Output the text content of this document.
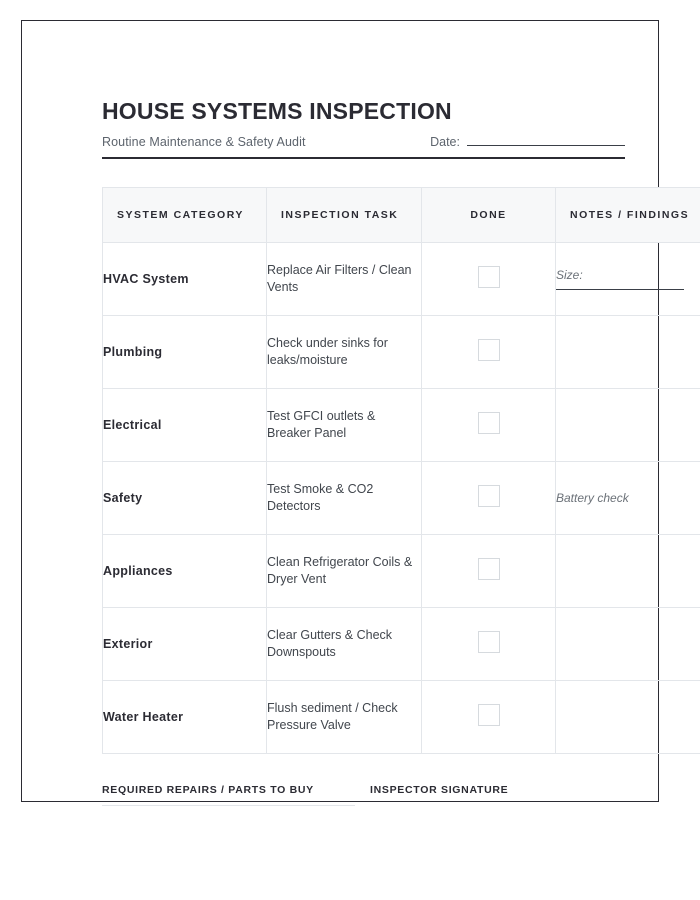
HOUSE SYSTEMS INSPECTION
Routine Maintenance & Safety Audit	Date:
SYSTEM CATEGORY	INSPECTION TASK	DONE	NOTES / FINDINGS
HVAC System	Replace Air Filters / Clean Vents		Size:

Plumbing	Check under sinks for leaks/moisture		

Electrical	Test GFCI outlets & Breaker Panel		

Safety	Test Smoke & CO2 Detectors		Battery check

Appliances	Clean Refrigerator Coils & Dryer Vent		

Exterior	Clear Gutters & Check Downspouts		

Water Heater	Flush sediment / Check Pressure Valve		
REQUIRED REPAIRS / PARTS TO BUY	INSPECTOR SIGNATURE
